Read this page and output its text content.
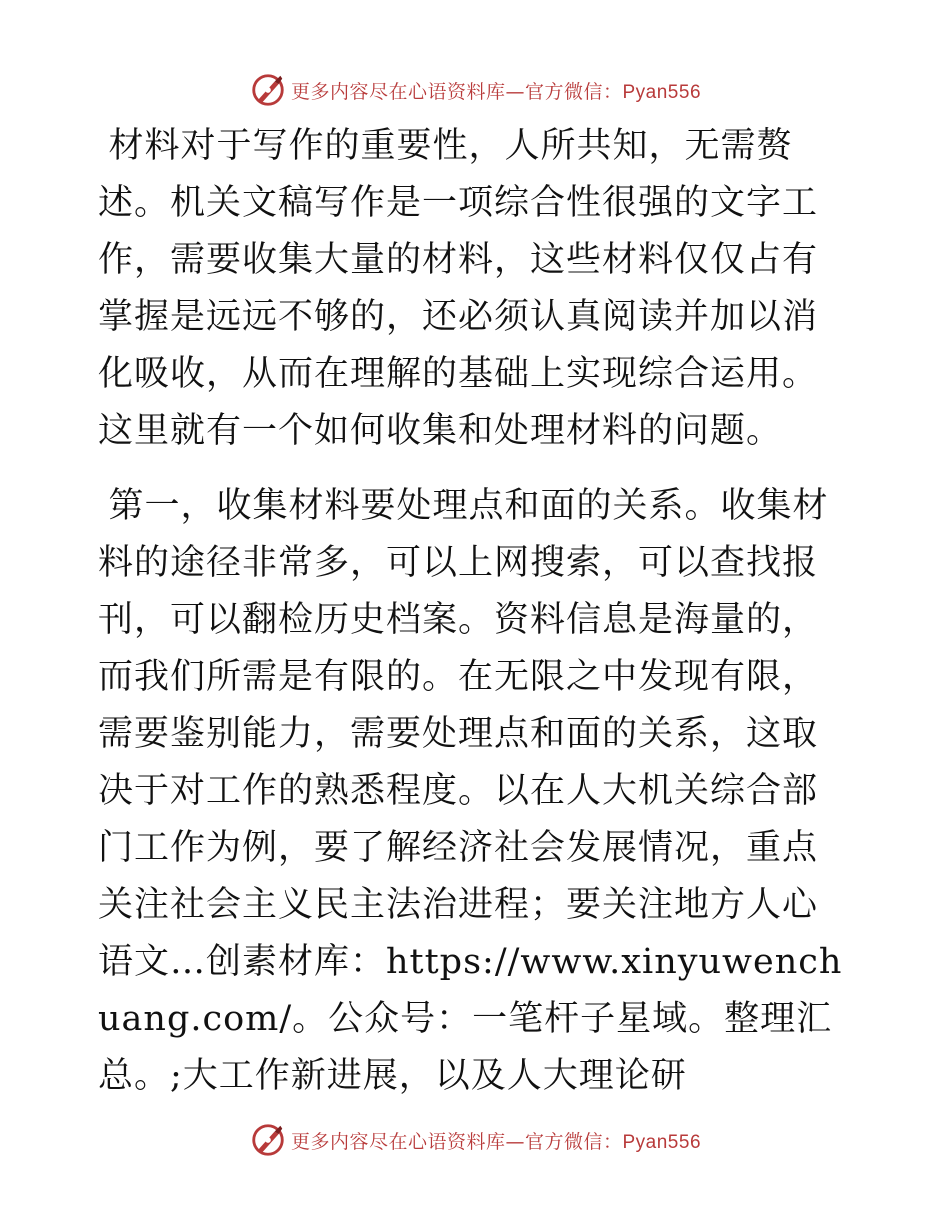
更多内容尽在心语资料库—官方微信：Pyan556

材料对于写作的重要性，人所共知，无需赘述。机关文稿写作是一项综合性很强的文字工作，需要收集大量的材料，这些材料仅仅占有掌握是远远不够的，还必须认真阅读并加以消化吸收，从而在理解的基础上实现综合运用。这里就有一个如何收集和处理材料的问题。

第一，收集材料要处理点和面的关系。收集材料的途径非常多，可以上网搜索，可以查找报刊，可以翻检历史档案。资料信息是海量的，而我们所需是有限的。在无限之中发现有限，需要鉴别能力，需要处理点和面的关系，这取决于对工作的熟悉程度。以在人大机关综合部门工作为例，要了解经济社会发展情况，重点关注社会主义民主法治进程；要关注地方人心语文…创素材库：https://www.xinyuwenchuang.com/。公众号：一笔杆子星域。整理汇总。;大工作新进展，以及人大理论研

更多内容尽在心语资料库—官方微信：Pyan556
